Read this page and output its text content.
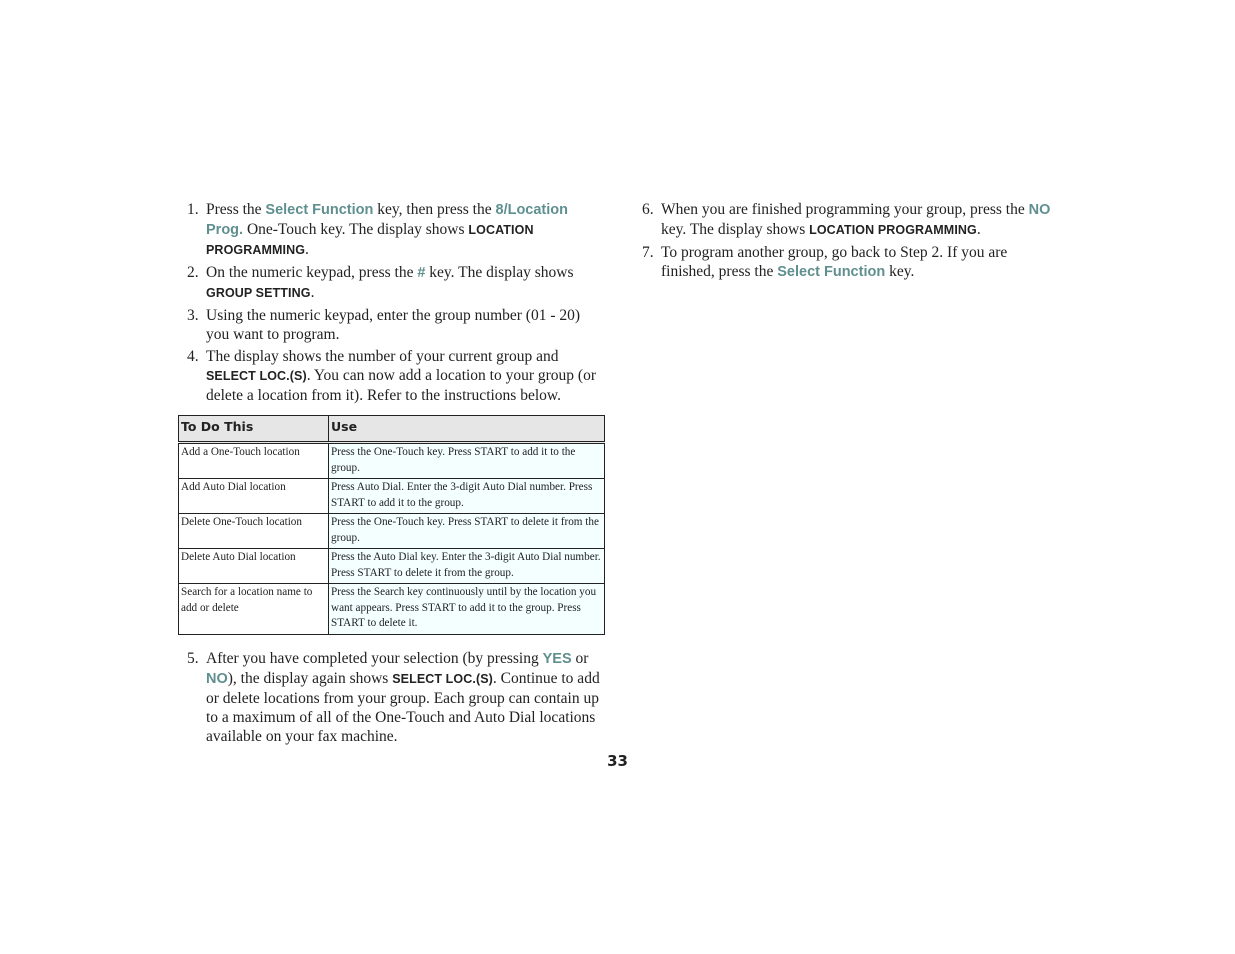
1. Press the Select Function key, then press the 8/Location Prog. One-Touch key. The display shows LOCATION PROGRAMMING.
2. On the numeric keypad, press the # key. The display shows GROUP SETTING.
3. Using the numeric keypad, enter the group number (01 - 20) you want to program.
4. The display shows the number of your current group and SELECT LOC.(S). You can now add a location to your group (or delete a location from it). Refer to the instructions below.
To Do This	Use
Add a One-Touch location	Press the One-Touch key. Press START to add it to the group.
Add Auto Dial location	Press Auto Dial. Enter the 3-digit Auto Dial number. Press START to add it to the group.
Delete One-Touch location	Press the One-Touch key. Press START to delete it from the group.
Delete Auto Dial location	Press the Auto Dial key. Enter the 3-digit Auto Dial number. Press START to delete it from the group.
Search for a location name to add or delete	Press the Search key continuously until by the location you want appears. Press START to add it to the group. Press START to delete it.
5. After you have completed your selection (by pressing YES or NO), the display again shows SELECT LOC.(S). Continue to add or delete locations from your group. Each group can contain up to a maximum of all of the One-Touch and Auto Dial locations available on your fax machine.
6. When you are finished programming your group, press the NO key. The display shows LOCATION PROGRAMMING.
7. To program another group, go back to Step 2. If you are finished, press the Select Function key.
33
